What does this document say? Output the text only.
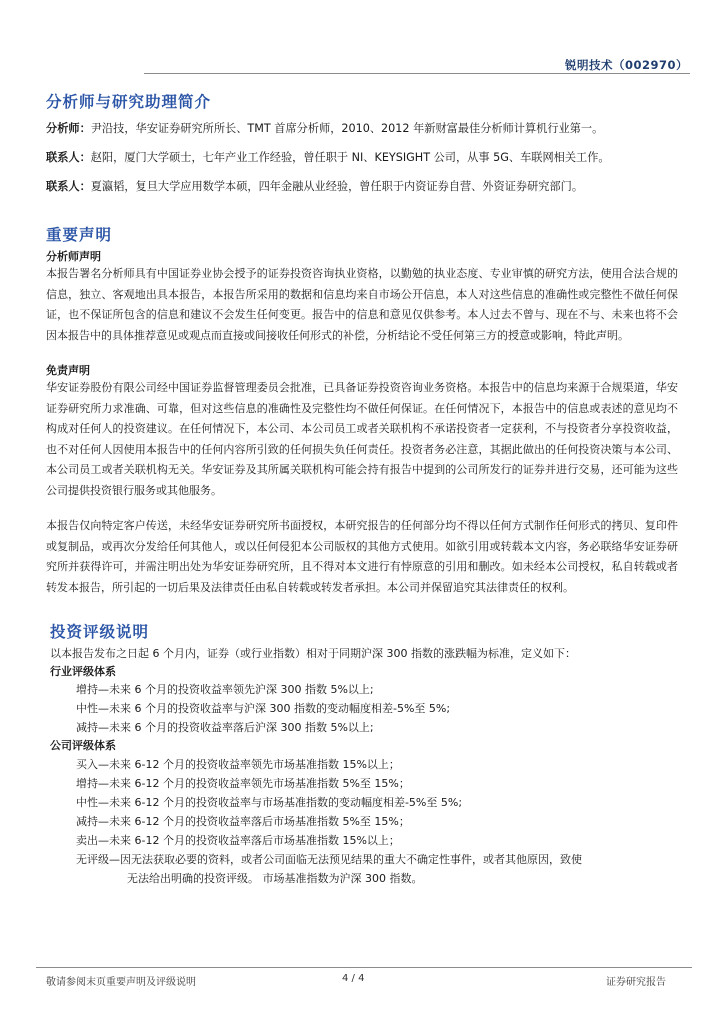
锐明技术（002970）
分析师与研究助理简介
分析师：尹沿技，华安证券研究所所长、TMT 首席分析师，2010、2012 年新财富最佳分析师计算机行业第一。
联系人：赵阳，厦门大学硕士，七年产业工作经验，曾任职于 NI、KEYSIGHT 公司，从事 5G、车联网相关工作。
联系人：夏瀛韬，复旦大学应用数学本硕，四年金融从业经验，曾任职于内资证券自营、外资证券研究部门。
重要声明
分析师声明
本报告署名分析师具有中国证券业协会授予的证券投资咨询执业资格，以勤勉的执业态度、专业审慎的研究方法，使用合法合规的信息，独立、客观地出具本报告，本报告所采用的数据和信息均来自市场公开信息，本人对这些信息的准确性或完整性不做任何保证，也不保证所包含的信息和建议不会发生任何变更。报告中的信息和意见仅供参考。本人过去不曾与、现在不与、未来也将不会因本报告中的具体推荐意见或观点而直接或间接收任何形式的补偿，分析结论不受任何第三方的授意或影响，特此声明。
免责声明
华安证券股份有限公司经中国证券监督管理委员会批准，已具备证券投资咨询业务资格。本报告中的信息均来源于合规渠道，华安证券研究所力求准确、可靠，但对这些信息的准确性及完整性均不做任何保证。在任何情况下，本报告中的信息或表述的意见均不构成对任何人的投资建议。在任何情况下，本公司、本公司员工或者关联机构不承诺投资者一定获利，不与投资者分享投资收益，也不对任何人因使用本报告中的任何内容所引致的任何损失负任何责任。投资者务必注意，其据此做出的任何投资决策与本公司、本公司员工或者关联机构无关。华安证券及其所属关联机构可能会持有报告中提到的公司所发行的证券并进行交易，还可能为这些公司提供投资银行服务或其他服务。
本报告仅向特定客户传送，未经华安证券研究所书面授权，本研究报告的任何部分均不得以任何方式制作任何形式的拷贝、复印件或复制品，或再次分发给任何其他人，或以任何侵犯本公司版权的其他方式使用。如欲引用或转载本文内容，务必联络华安证券研究所并获得许可，并需注明出处为华安证券研究所，且不得对本文进行有悖原意的引用和删改。如未经本公司授权，私自转载或者转发本报告，所引起的一切后果及法律责任由私自转载或转发者承担。本公司并保留追究其法律责任的权利。
投资评级说明
以本报告发布之日起 6 个月内，证券（或行业指数）相对于同期沪深 300 指数的涨跌幅为标准，定义如下：
行业评级体系
增持—未来 6 个月的投资收益率领先沪深 300 指数 5%以上;
中性—未来 6 个月的投资收益率与沪深 300 指数的变动幅度相差-5%至 5%;
减持—未来 6 个月的投资收益率落后沪深 300 指数 5%以上;
公司评级体系
买入—未来 6-12 个月的投资收益率领先市场基准指数 15%以上；
增持—未来 6-12 个月的投资收益率领先市场基准指数 5%至 15%；
中性—未来 6-12 个月的投资收益率与市场基准指数的变动幅度相差-5%至 5%;
减持—未来 6-12 个月的投资收益率落后市场基准指数 5%至 15%；
卖出—未来 6-12 个月的投资收益率落后市场基准指数 15%以上；
无评级—因无法获取必要的资料，或者公司面临无法预见结果的重大不确定性事件，或者其他原因，致使
无法给出明确的投资评级。 市场基准指数为沪深 300 指数。
敬请参阅末页重要声明及评级说明	4 / 4	证券研究报告
